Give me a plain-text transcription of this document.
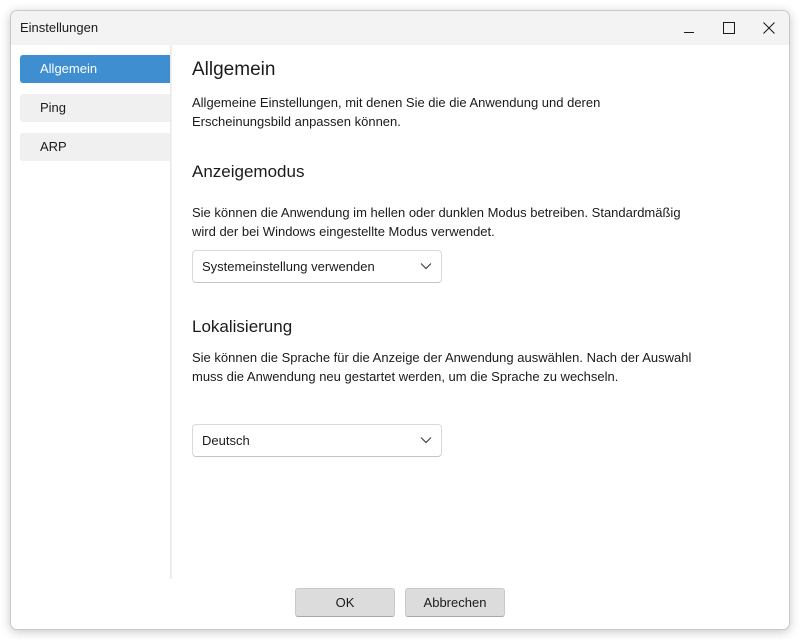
Einstellungen
Allgemein
Ping
ARP
Allgemein
Allgemeine Einstellungen, mit denen Sie die die Anwendung und deren Erscheinungsbild anpassen können.
Anzeigemodus
Sie können die Anwendung im hellen oder dunklen Modus betreiben. Standardmäßig wird der bei Windows eingestellte Modus verwendet.
Systemeinstellung verwenden
Lokalisierung
Sie können die Sprache für die Anzeige der Anwendung auswählen. Nach der Auswahl muss die Anwendung neu gestartet werden, um die Sprache zu wechseln.
Deutsch
OK	Abbrechen
